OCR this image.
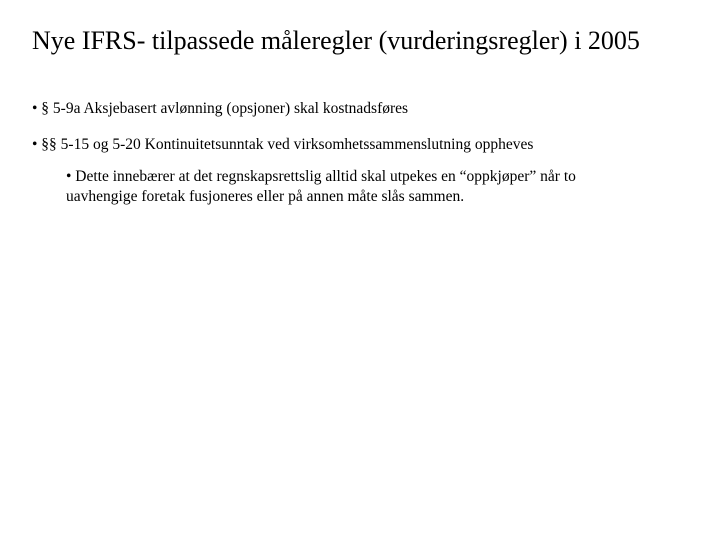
Nye IFRS- tilpassede måleregler (vurderingsregler) i 2005
• § 5-9a Aksjebasert avlønning (opsjoner) skal kostnadsføres
• §§ 5-15 og 5-20 Kontinuitetsunntak ved virksomhetssammenslutning oppheves
• Dette innebærer at det regnskapsrettslig alltid skal utpekes en “oppkjøper” når to
uavhengige foretak fusjoneres eller på annen måte slås sammen.
